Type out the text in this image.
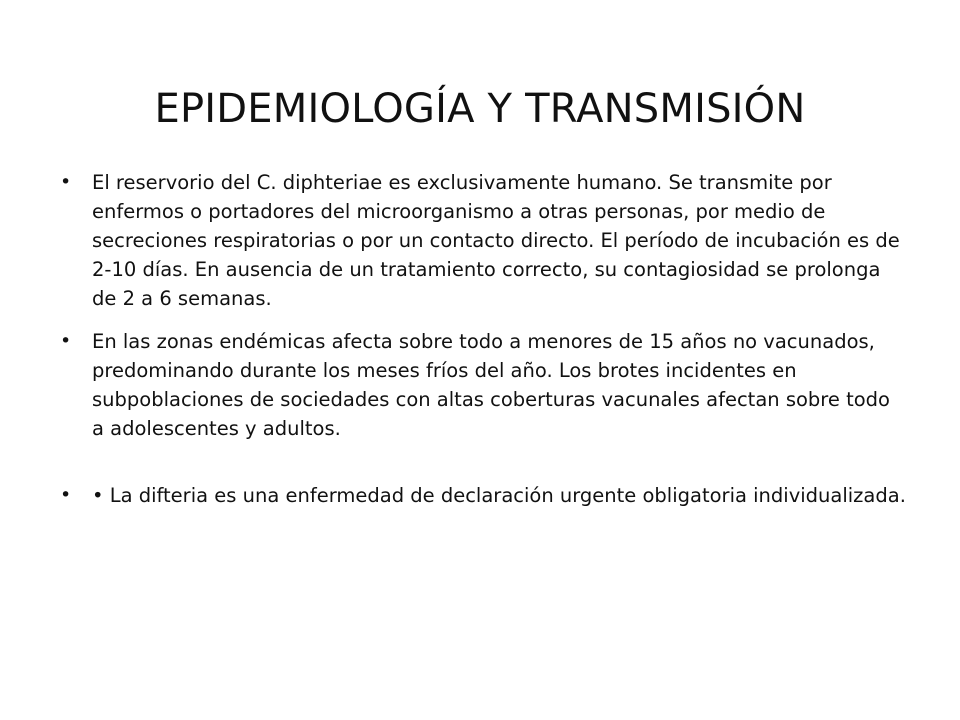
EPIDEMIOLOGÍA Y TRANSMISIÓN
• El reservorio del C. diphteriae es exclusivamente humano. Se transmite por enfermos o portadores del microorganismo a otras personas, por medio de secreciones respiratorias o por un contacto directo. El período de incubación es de 2-10 días. En ausencia de un tratamiento correcto, su contagiosidad se prolonga de 2 a 6 semanas.
• En las zonas endémicas afecta sobre todo a menores de 15 años no vacunados, predominando durante los meses fríos del año. Los brotes incidentes en subpoblaciones de sociedades con altas coberturas vacunales afectan sobre todo a adolescentes y adultos.
• • La difteria es una enfermedad de declaración urgente obligatoria individualizada.
